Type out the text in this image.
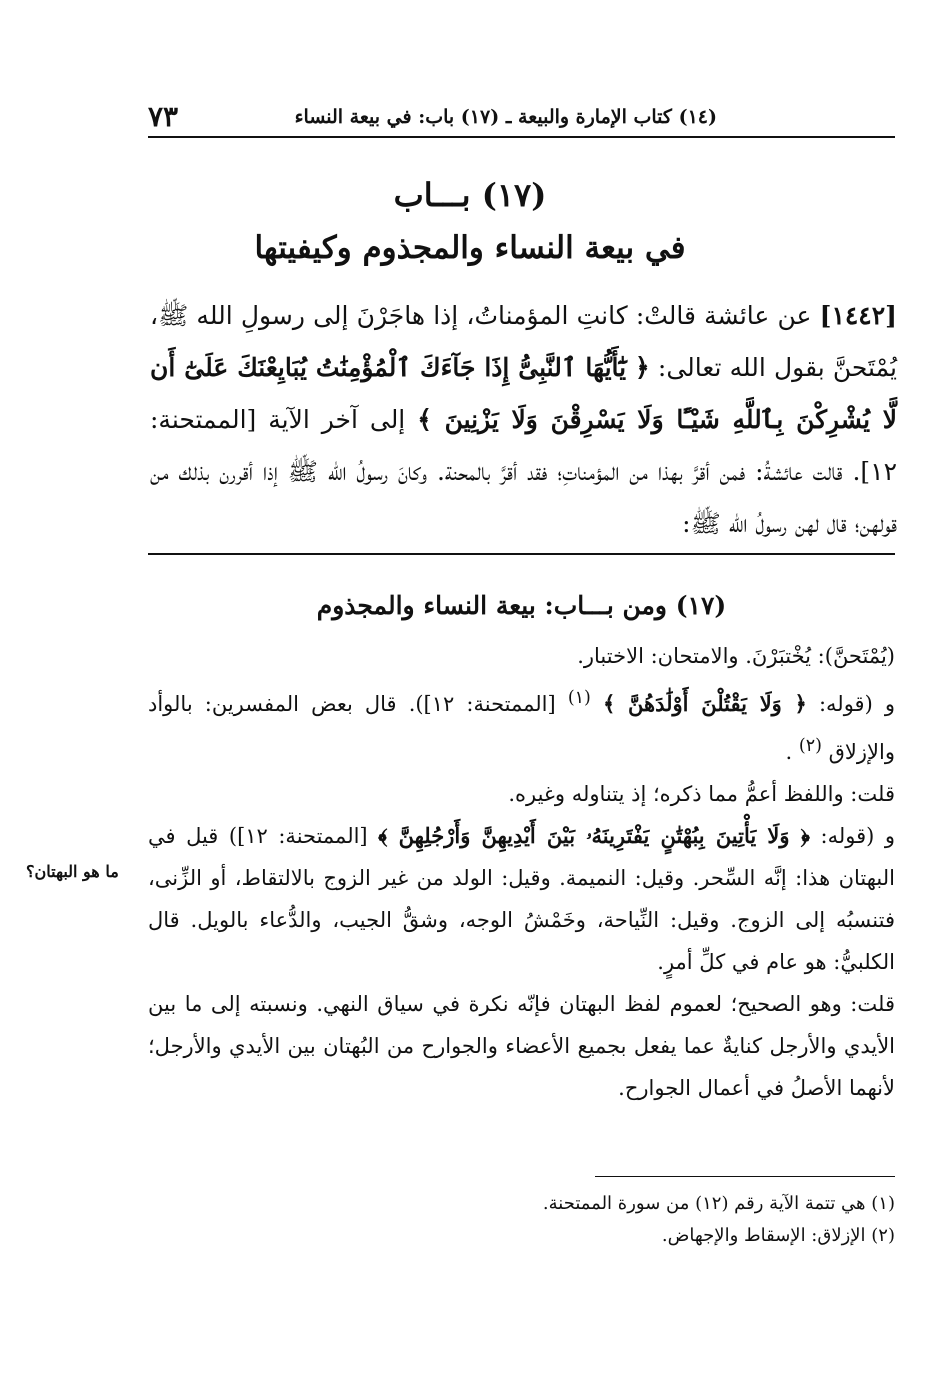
(١٤) كتاب الإمارة والبيعة ـ (١٧) باب: في بيعة النساء
٧٣
(١٧) بـــاب
في بيعة النساء والمجذوم وكيفيتها

[١٤٤٢] عن عائشة قالتْ: كانتِ المؤمناتُ، إذا هاجَرْنَ إلى رسولِ الله ﷺ، يُمْتَحنَّ بقول الله تعالى: ﴿ يَٰٓأَيُّهَا ٱلنَّبِىُّ إِذَا جَآءَكَ ٱلْمُؤْمِنَٰتُ يُبَايِعْنَكَ عَلَىٰٓ أَن لَّا يُشْرِكْنَ بِٱللَّهِ شَيْـًٔا وَلَا يَسْرِقْنَ وَلَا يَزْنِينَ ﴾ إلى آخر الآية [الممتحنة: ١٢]. قالت عائشةُ: فمن أقرَّ بهذا من المؤمناتِ؛ فقد أقرَّ بالمحنة. وكانَ رسولُ الله ﷺ إذا أقررن بذلك من قولهن؛ قال لهن رسولُ الله ﷺ:

(١٧) ومن بـــاب: بيعة النساء والمجذوم

(يُمْتَحنَّ): يُخْتبَرْنَ. والامتحان: الاختبار.

و (قوله: ﴿ وَلَا يَقْتُلْنَ أَوْلَٰدَهُنَّ ﴾ $^{(١)}$ [الممتحنة: ١٢]). قال بعض المفسرين: بالوأد والإزلاق $^{(٢)}$ .

قلت: واللفظ أعمُّ مما ذكره؛ إذ يتناوله وغيره.

و (قوله: ﴿ وَلَا يَأْتِينَ بِبُهْتَٰنٍ يَفْتَرِينَهُۥ بَيْنَ أَيْدِيهِنَّ وَأَرْجُلِهِنَّ ﴾ [الممتحنة: ١٢]) قيل في البهتان هذا: إنَّه السِّحر. وقيل: النميمة. وقيل: الولد من غير الزوج بالالتقاط، أو الزِّنى، فتنسبُه إلى الزوج. وقيل: النِّياحة، وخَمْشُ الوجه، وشقُّ الجيب، والدُّعاء بالويل. قال الكلبيُّ: هو عام في كلِّ أمرٍ.

قلت: وهو الصحيح؛ لعموم لفظ البهتان فإنّه نكرة في سياق النهي. ونسبته إلى ما بين الأيدي والأرجل كنايةٌ عما يفعل بجميع الأعضاء والجوارح من البُهتان بين الأيدي والأرجل؛ لأنهما الأصلُ في أعمال الجوارح.

ما هو البهتان؟

(١) هي تتمة الآية رقم (١٢) من سورة الممتحنة.

(٢) الإزلاق: الإسقاط والإجهاض.
